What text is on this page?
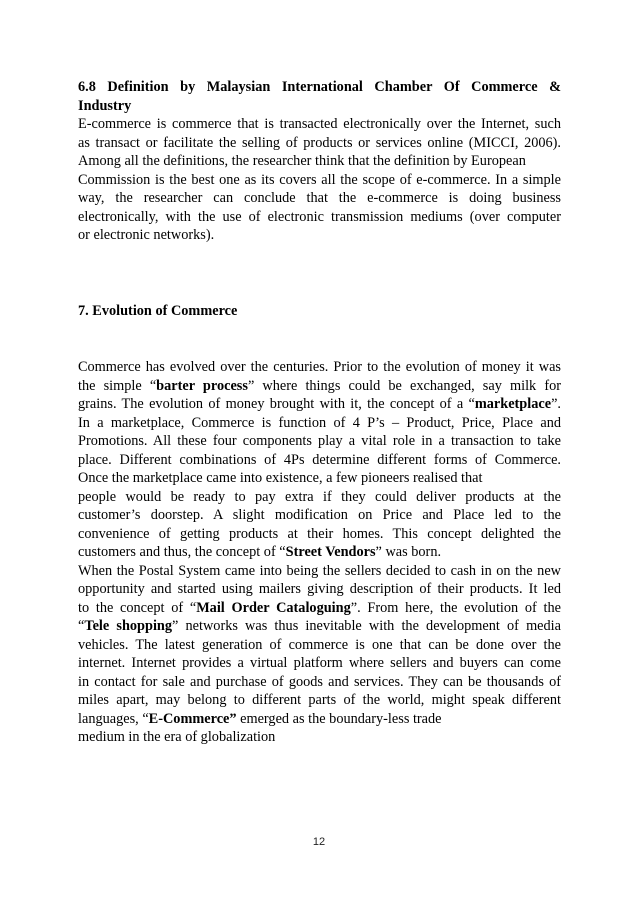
6.8 Definition by Malaysian International Chamber Of Commerce &
Industry
E-commerce is commerce that is transacted electronically over the Internet, such
as transact or facilitate the selling of products or services online (MICCI, 2006).
Among all the definitions, the researcher think that the definition by European
Commission is the best one as its covers all the scope of e-commerce. In a simple
way, the researcher can conclude that the e-commerce is doing business
electronically, with the use of electronic transmission mediums (over computer
or electronic networks).
7. Evolution of Commerce
Commerce has evolved over the centuries. Prior to the evolution of money it was
the simple “barter process” where things could be exchanged, say milk for
grains. The evolution of money brought with it, the concept of a “marketplace”.
In a marketplace, Commerce is function of 4 P’s – Product, Price, Place and
Promotions. All these four components play a vital role in a transaction to take
place. Different combinations of 4Ps determine different forms of Commerce.
Once the marketplace came into existence, a few pioneers realised that
people would be ready to pay extra if they could deliver products at the
customer’s doorstep. A slight modification on Price and Place led to the
convenience of getting products at their homes. This concept delighted the
customers and thus, the concept of “Street Vendors” was born.
When the Postal System came into being the sellers decided to cash in on the new
opportunity and started using mailers giving description of their products. It led
to the concept of “Mail Order Cataloguing”. From here, the evolution of the
“Tele shopping” networks was thus inevitable with the development of media
vehicles. The latest generation of commerce is one that can be done over the
internet. Internet provides a virtual platform where sellers and buyers can come
in contact for sale and purchase of goods and services. They can be thousands of
miles apart, may belong to different parts of the world, might speak different
languages, “E-Commerce” emerged as the boundary-less trade
medium in the era of globalization
12
